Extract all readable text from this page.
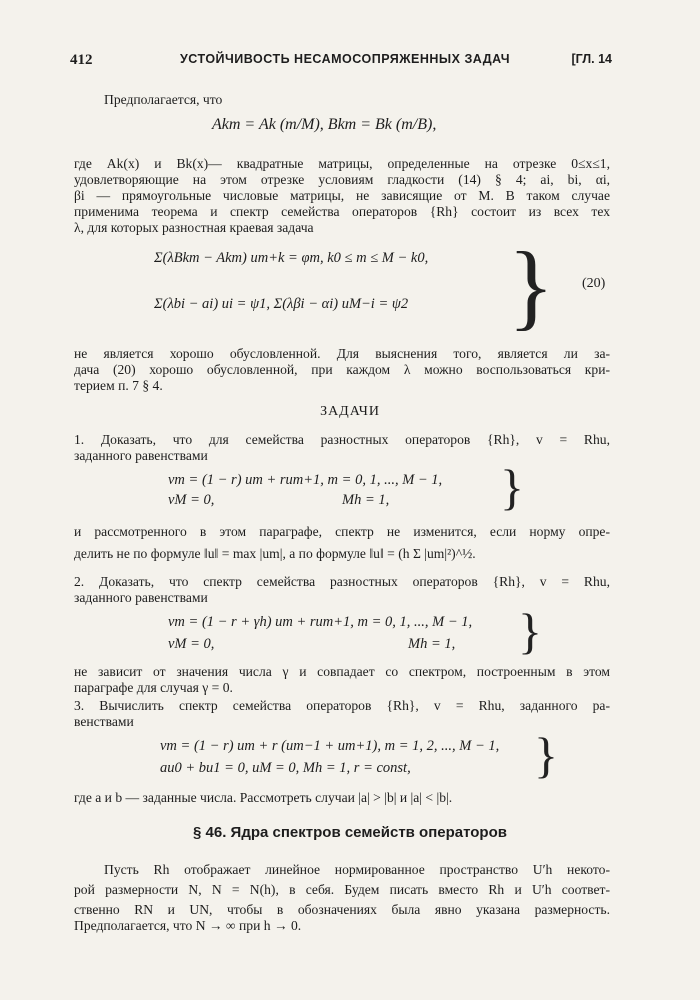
412	УСТОЙЧИВОСТЬ НЕСАМОСОПРЯЖЕННЫХ ЗАДАЧ	[ГЛ. 14
Предполагается, что
Akm = Ak (m/M), Bkm = Bk (m/B),
где Ak(x) и Bk(x)— квадратные матрицы, определенные на отрезке 0≤x≤1,
удовлетворяющие на этом отрезке условиям гладкости (14) § 4; ai, bi, αi,
βi — прямоугольные числовые матрицы, не зависящие от M. В таком случае
применима теорема и спектр семейства операторов {Rh} состоит из всех тех
λ, для которых разностная краевая задача
Σ(λBkm − Akm) um+k = φm, k0 ≤ m ≤ M − k0,
Σ(λbi − ai) ui = ψ1, Σ(λβi − αi) uM−i = ψ2 } (20)
не является хорошо обусловленной. Для выяснения того, является ли за-
дача (20) хорошо обусловленной, при каждом λ можно воспользоваться кри-
терием п. 7 § 4.
ЗАДАЧИ
1. Доказать, что для семейства разностных операторов {Rh}, v = Rhu,
заданного равенствами
vm = (1 − r) um + rum+1, m = 0, 1, ..., M − 1,
vM = 0,	Mh = 1, }
и рассмотренного в этом параграфе, спектр не изменится, если норму опре-
делить не по формуле ‖u‖ = max |um|, а по формуле ‖u‖ = (h Σ |um|²)^½.
2. Доказать, что спектр семейства разностных операторов {Rh}, v = Rhu,
заданного равенствами
vm = (1 − r + γh) um + rum+1, m = 0, 1, ..., M − 1,
vM = 0,	Mh = 1, }
не зависит от значения числа γ и совпадает со спектром, построенным в этом
параграфе для случая γ = 0.
3. Вычислить спектр семейства операторов {Rh}, v = Rhu, заданного ра-
венствами
vm = (1 − r) um + r (um−1 + um+1), m = 1, 2, ..., M − 1,
au0 + bu1 = 0, uM = 0, Mh = 1, r = const, }
где a и b — заданные числа. Рассмотреть случаи |a| > |b| и |a| < |b|.
§ 46. Ядра спектров семейств операторов
Пусть Rh отображает линейное нормированное пространство U′h некото-
рой размерности N, N = N(h), в себя. Будем писать вместо Rh и U′h соответ-
ственно RN и UN, чтобы в обозначениях была явно указана размерность.
Предполагается, что N → ∞ при h → 0.
